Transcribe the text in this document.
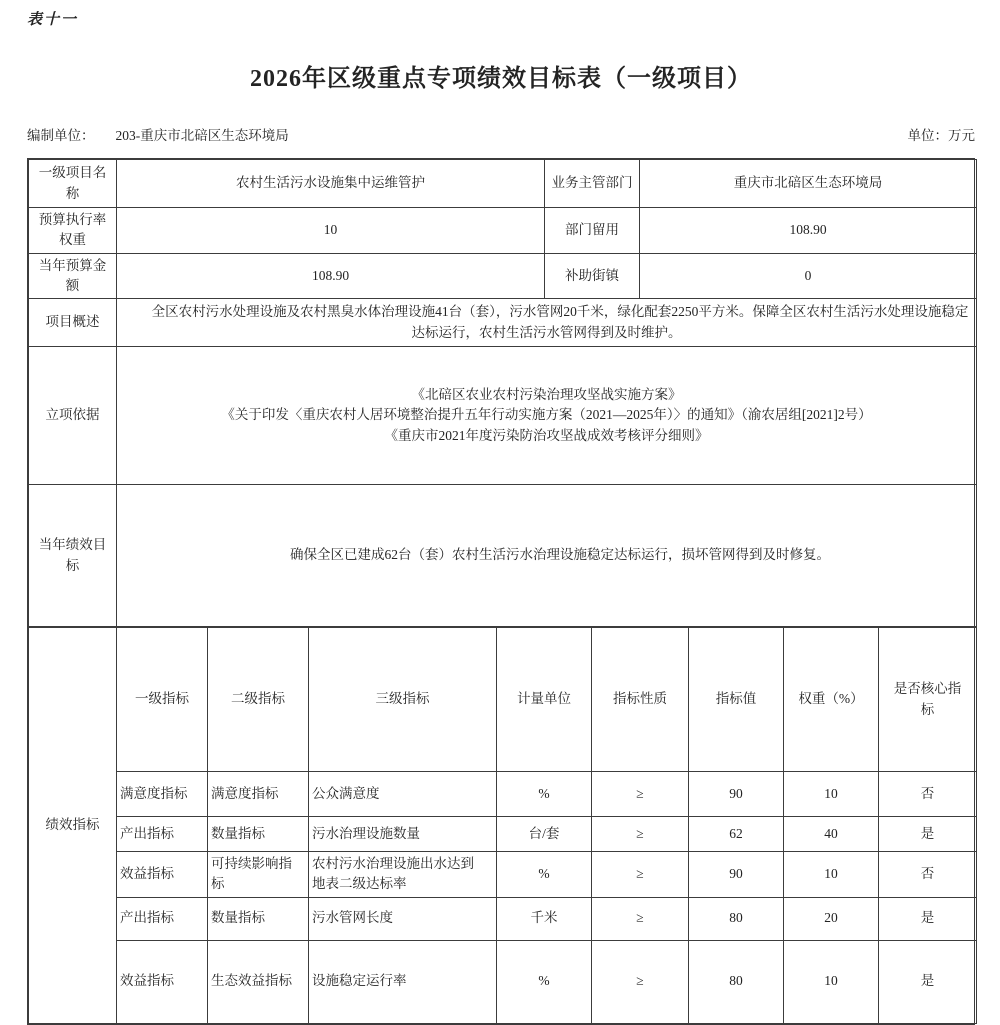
表十一
2026年区级重点专项绩效目标表（一级项目）
编制单位： 203-重庆市北碚区生态环境局	单位：万元
一级项目名称	农村生活污水设施集中运维管护	业务主管部门	重庆市北碚区生态环境局
预算执行率权重	10	部门留用	108.90
当年预算金额	108.90	补助街镇	0
项目概述	全区农村污水处理设施及农村黑臭水体治理设施41台（套），污水管网20千米，绿化配套2250平方米。保障全区农村生活污水处理设施稳定达标运行，农村生活污水管网得到及时维护。		
立项依据	《北碚区农业农村污染治理攻坚战实施方案》
《关于印发〈重庆农村人居环境整治提升五年行动实施方案（2021—2025年）〉的通知》（渝农居组[2021]2号）
《重庆市2021年度污染防治攻坚战成效考核评分细则》		

当年绩效目标	确保全区已建成62台（套）农村生活污水治理设施稳定达标运行，损坏管网得到及时修复。		
绩效指标	一级指标	二级指标	三级指标	计量单位	指标性质	指标值	权重（%）	是否核心指标
	满意度指标	满意度指标	公众满意度	%	≥	90	10	否
	产出指标	数量指标	污水治理设施数量	台/套	≥	62	40	是
	效益指标	可持续影响指标	农村污水治理设施出水达到地表二级达标率	%	≥	90	10	否
	产出指标	数量指标	污水管网长度	千米	≥	80	20	是
	效益指标	生态效益指标	设施稳定运行率	%	≥	80	10	是
